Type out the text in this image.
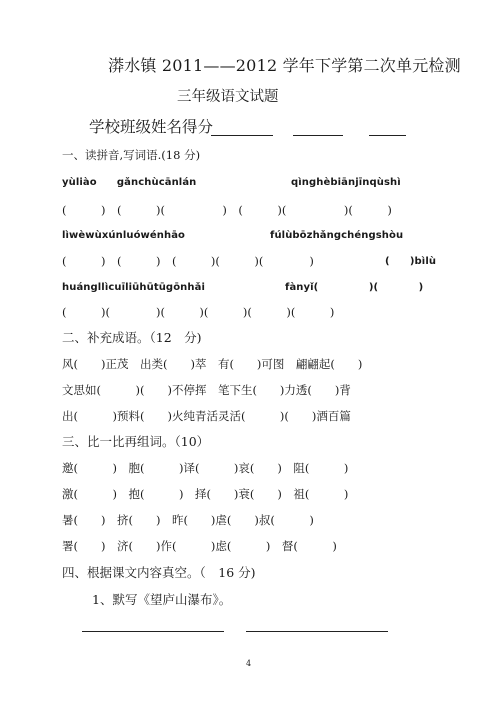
漭水镇 2011——2012 学年下学第二次单元检测
三年级语文试题
学校班级姓名得分
一、读拼音,写词语.(18 分)
yùliào　　gǎnchùcānlán	qìnghèbiānjīnqùshì
(　　　)　(　　　)(　　　　　)　(　　　)(　　　　　)(　　　)
lìwèwùxúnluówénhāo	fúlùbōzhǎngchéngshòu
(　　　)　(　　　)　(　　　)(　　　)(　　　　)	(　　)bìlù
huángllìcuīliūhūtūgōnhǎi	fànyǐ(　　　　　)(　　　　)
(　　　)(　　　　)(　　　)(　　　)(　　　)(　　　)
二、补充成语。（12　分)
风(　　)正茂　出类(　　)萃　有(　　)可图　翩翩起(　　)
文思如(　　　)(　　)不停挥　笔下生(　　)力透(　　)背
出(　　　)预料(　　)火纯青活灵活(　　　)(　　)酒百篇
三、比一比再组词。（10）
邀(　　　)　胞(　　　)译(　　　)哀(　　)　阻(　　　)
激(　　　)　抱(　　　)　择(　　)衰(　　)　祖(　　　)
暑(　　)　挤(　　)　昨(　　)虐(　　)叔(　　　)
署(　　)　济(　　)作(　　　)虑(　　　)　督(　　　)
四、根据课文内容真空。（　16 分)
1、默写《望庐山瀑布》。
4
